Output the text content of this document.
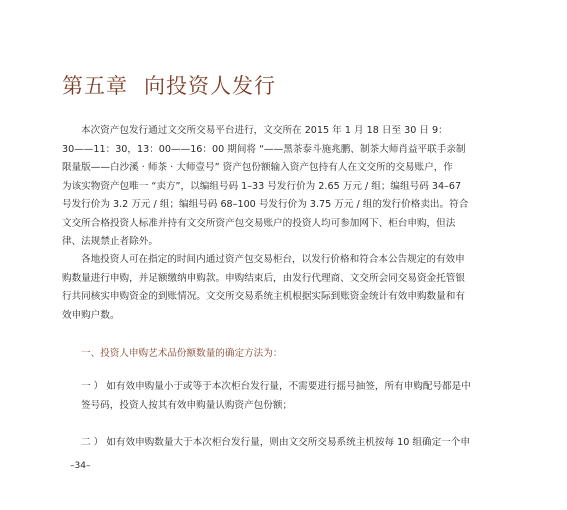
第五章 向投资人发行
本次资产包发行通过文交所交易平台进行，文交所在 2015 年 1 月 18 日至 30 日 9：
30——11：30，13：00——16：00 期间将 “——黑茶泰斗施兆鹏、制茶大师肖益平联手亲制
限量版——白沙溪 · 师茶 · 大师壹号” 资产包份额输入资产包持有人在文交所的交易账户，作
为该实物资产包唯一 “卖方”，以编组号码 1–33 号发行价为 2.65 万元 / 组；编组号码 34–67
号发行价为 3.2 万元 / 组；编组号码 68–100 号发行价为 3.75 万元 / 组的发行价格卖出。符合
文交所合格投资人标准并持有文交所资产包交易账户的投资人均可参加网下、柜台申购，但法
律、法规禁止者除外。
各地投资人可在指定的时间内通过资产包交易柜台，以发行价格和符合本公告规定的有效申
购数量进行申购，并足额缴纳申购款。申购结束后，由发行代理商、文交所会同交易资金托管银
行共同核实申购资金的到账情况。文交所交易系统主机根据实际到账资金统计有效申购数量和有
效申购户数。

一、投资人申购艺术品份额数量的确定方法为：

一 ） 如有效申购量小于或等于本次柜台发行量，不需要进行摇号抽签，所有申购配号都是中
签号码，投资人按其有效申购量认购资产包份额；
二 ） 如有效申购数量大于本次柜台发行量，则由文交所交易系统主机按每 10 组确定一个申
–34–
